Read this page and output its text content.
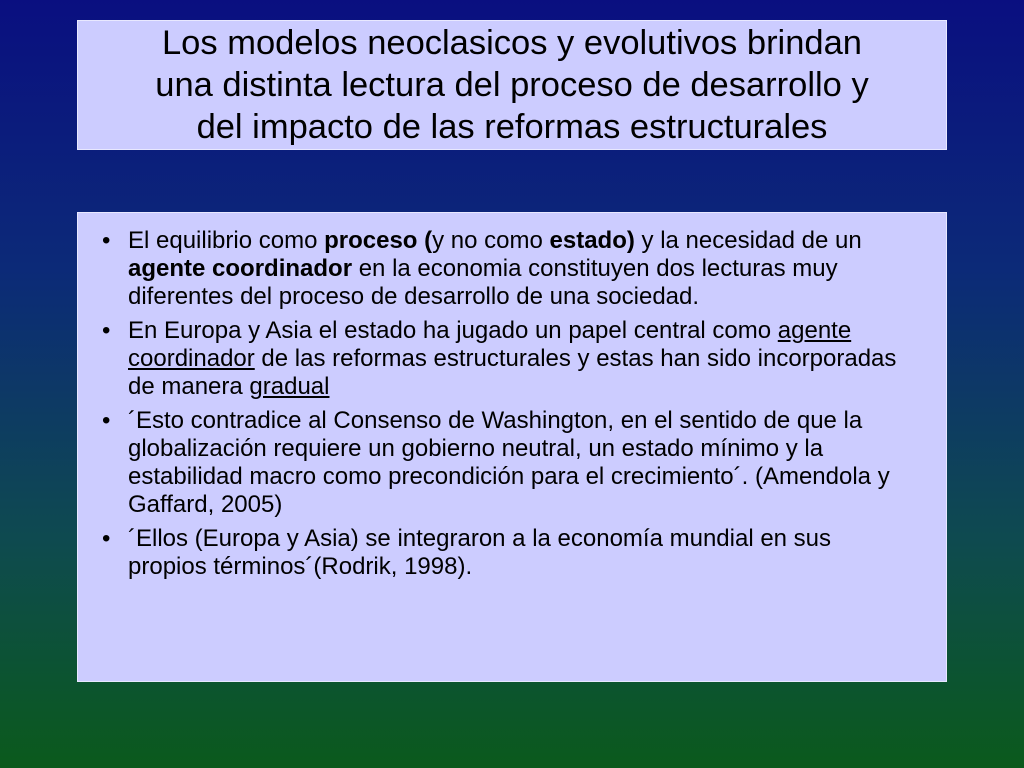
Los modelos neoclasicos y evolutivos brindan
una distinta lectura del proceso de desarrollo y
del impacto de las reformas estructurales
• El equilibrio como proceso (y no como estado) y la necesidad de un agente coordinador en la economia constituyen dos lecturas muy diferentes del proceso de desarrollo de una sociedad.
• En Europa y Asia el estado ha jugado un papel central como agente coordinador de las reformas estructurales y estas han sido incorporadas de manera gradual
• ´Esto contradice al Consenso de Washington, en el sentido de que la globalización requiere un gobierno neutral, un estado mínimo y la estabilidad macro como precondición para el crecimiento´. (Amendola y Gaffard, 2005)
• ´Ellos (Europa y Asia) se integraron a la economía mundial en sus propios términos´(Rodrik, 1998).
